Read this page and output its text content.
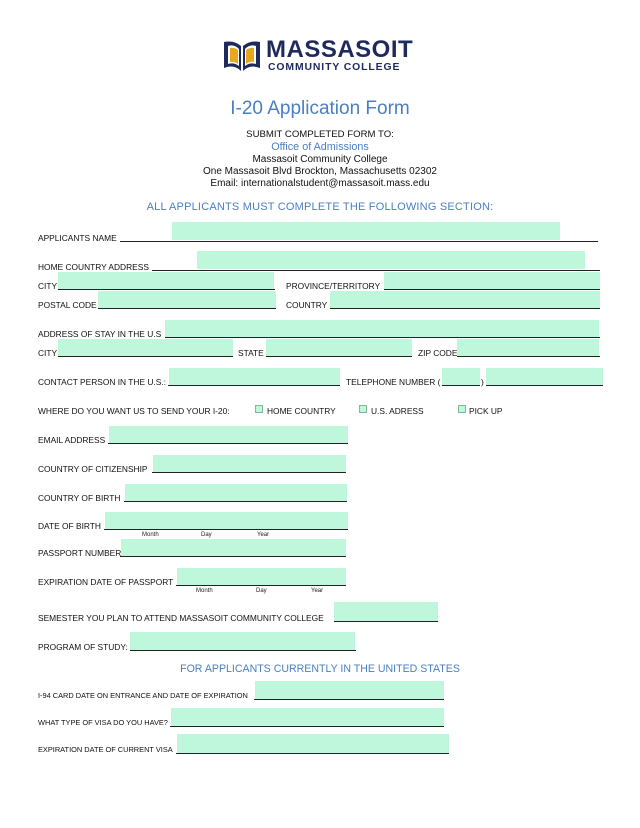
MASSASOIT
COMMUNITY COLLEGE
I-20 Application Form
SUBMIT COMPLETED FORM TO:
Office of Admissions
Massasoit Community College
One Massasoit Blvd Brockton, Massachusetts 02302
Email: internationalstudent@massasoit.mass.edu
ALL APPLICANTS MUST COMPLETE THE FOLLOWING SECTION:
APPLICANTS NAME
HOME COUNTRY ADDRESS
CITY	PROVINCE/TERRITORY
POSTAL CODE	COUNTRY
ADDRESS OF STAY IN THE U.S
CITY	STATE	ZIP CODE
CONTACT PERSON IN THE U.S.:	TELEPHONE NUMBER (	)
WHERE DO YOU WANT US TO SEND YOUR I-20:	HOME COUNTRY	U.S. ADRESS	PICK UP
EMAIL ADDRESS
COUNTRY OF CITIZENSHIP
COUNTRY OF BIRTH
DATE OF BIRTH
Month	Day	Year
PASSPORT NUMBER
EXPIRATION DATE OF PASSPORT
Month	Day	Year
SEMESTER YOU PLAN TO ATTEND MASSASOIT COMMUNITY COLLEGE
PROGRAM OF STUDY:
FOR APPLICANTS CURRENTLY IN THE UNITED STATES
I-94 CARD DATE ON ENTRANCE AND DATE OF EXPIRATION
WHAT TYPE OF VISA DO YOU HAVE?
EXPIRATION DATE OF CURRENT VISA
